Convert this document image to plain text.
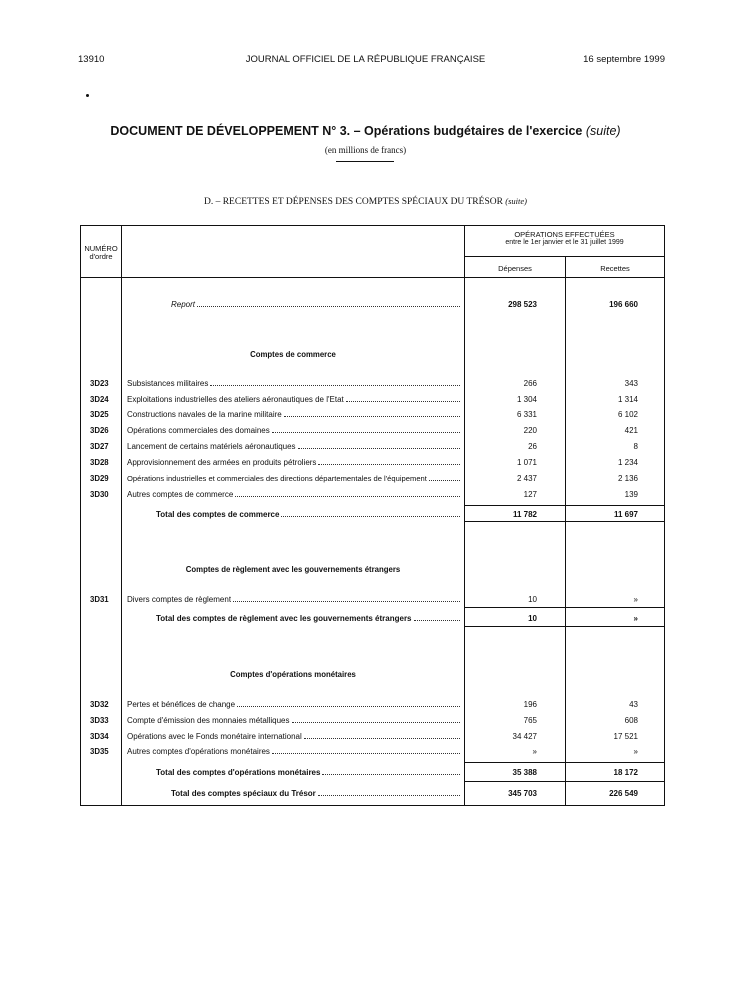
13910	JOURNAL OFFICIEL DE LA RÉPUBLIQUE FRANÇAISE	16 septembre 1999
DOCUMENT DE DÉVELOPPEMENT N° 3. – Opérations budgétaires de l'exercice (suite)
(en millions de francs)
D. – RECETTES ET DÉPENSES DES COMPTES SPÉCIAUX DU TRÉSOR (suite)
NUMÉRO
d'ordre
OPÉRATIONS EFFECTUÉES
entre le 1er janvier et le 31 juillet 1999
Dépenses	Recettes
Report	298 523	196 660
Comptes de commerce
3D23 Subsistances militaires	266	343
3D24 Exploitations industrielles des ateliers aéronautiques de l'Etat	1 304	1 314
3D25 Constructions navales de la marine militaire	6 331	6 102
3D26 Opérations commerciales des domaines	220	421
3D27 Lancement de certains matériels aéronautiques	26	8
3D28 Approvisionnement des armées en produits pétroliers	1 071	1 234
3D29 Opérations industrielles et commerciales des directions départementales de l'équipement	2 437	2 136
3D30 Autres comptes de commerce	127	139
Total des comptes de commerce	11 782	11 697
Comptes de règlement avec les gouvernements étrangers
3D31 Divers comptes de règlement	10	»
Total des comptes de règlement avec les gouvernements étrangers	10	»
Comptes d'opérations monétaires
3D32 Pertes et bénéfices de change	196	43
3D33 Compte d'émission des monnaies métalliques	765	608
3D34 Opérations avec le Fonds monétaire international	34 427	17 521
3D35 Autres comptes d'opérations monétaires	»	»
Total des comptes d'opérations monétaires	35 388	18 172
Total des comptes spéciaux du Trésor	345 703	226 549
